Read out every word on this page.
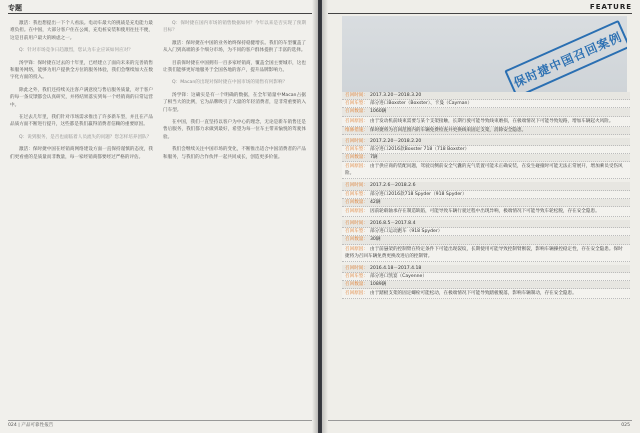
专题

激活：我也想提出一下个人看法。电动车最大的挑战是充电能力最难负担。在中国，大部分客户住在公寓，充电桩安装和使用往往不便，这是目前用户最大的顾虑之一。

Q：针对市场竞争日趋激烈，您认为车企应该如何应对？

汤学锋：保时捷在过去的十年里，已经建立了面向未来的完善销售和服务网络，能够为用户提供全方位的服务体验，我们会继续加大在数字化方面的投入。

除此之外，我们还持续关注客户满意度与售后服务质量，对于客户的每一条反馈都会认真研究，并将结果落实到每一个经销商的日常运营中。

在过去几年里，我们针对市场需求推出了许多新车型，并且在产品品质方面不断进行提升，这些都是我们赢得消费者信赖的重要原因。

Q：说到服务，是否也面临着人员流失的问题？您怎样培养团队？

激活：保时捷中国在经销商网络建设方面一直保持谨慎的态度，我们更看重的是质量而非数量，每一家经销商都要经过严格的评估。

Q：保时捷在国内市场的销售数据如何？今年以来是否实现了预期目标？

激活：保时捷在中国的业务始终保持稳健增长。我们的车型覆盖了从入门到高端的多个细分市场，为不同的客户群体提供了丰富的选择。

目前保时捷在中国拥有一百多家经销商，覆盖全国主要城市，这也让我们能够更好地服务于全国各地的客户，提升品牌影响力。

Q：Macan的出现对保时捷在中国市场的销售有何影响？

汤学锋：这确实是有一个明确的数据，在全年销量中Macan占据了相当大的比例，它为品牌吸引了大量的年轻消费者，是非常重要的入门车型。

在中国，我们一直坚持以客户为中心的理念，无论是新车销售还是售后服务，我们都力求做到最好，希望为每一位车主带来愉悦的驾驶体验。

我们会继续关注中国市场的变化，不断推出适合中国消费者的产品和服务，与我们的合作伙伴一起共同成长，创造更多价值。

024 | 产品可靠性报告
FEATURE

保时捷中国召回案例
召回时间： 2017.3.20－2018.3.20
召回车型： 部分进口Boxster（Boxster）、卡曼（Cayman）
召回数量： 1060辆
召回原因： 由于发动机前线束需要与某个支架接触，长期行驶可能导致线束磨损，在极端情况下可能导致短路，增加车辆起火风险。
维修措施： 保时捷将为召回范围内的车辆免费检查并更换线束固定支架，消除安全隐患。
召回时间： 2017.2.20－2018.2.20
召回车型： 部分进口2016款Boxster 718（718 Boxster）
召回数量： 7辆
召回原因： 由于供应商的装配问题，驾驶员侧前安全气囊的充气装置可能未正确安装，在发生碰撞时可能无法正常展开，增加乘员受伤风险。
召回时间： 2017.2.6－2018.2.6
召回车型： 部分进口2016款718 Spyder（918 Spyder）
召回数量： 42辆
召回原因： 因前轮毂轴承存在制造缺陷，可能导致车辆行驶过程中出现异响，极端情况下可能导致车轮松脱，存在安全隐患。
召回时间： 2016.8.5－2017.8.4
召回车型： 部分进口运动跑车（918 Spyder）
召回数量： 30辆
召回原因： 由于前悬架的控制臂在特定条件下可能出现裂纹，长期使用可能导致控制臂断裂，影响车辆操控稳定性，存在安全隐患。保时捷将为召回车辆免费更换改进后的控制臂。
召回时间： 2016.4.18－2017.4.18
召回车型： 部分进口凯宴（Cayenne）
召回数量： 1089辆
召回原因： 由于踏板支架的固定螺栓可能松动，在极端情况下可能导致踏板脱落，影响车辆制动，存在安全隐患。
025
